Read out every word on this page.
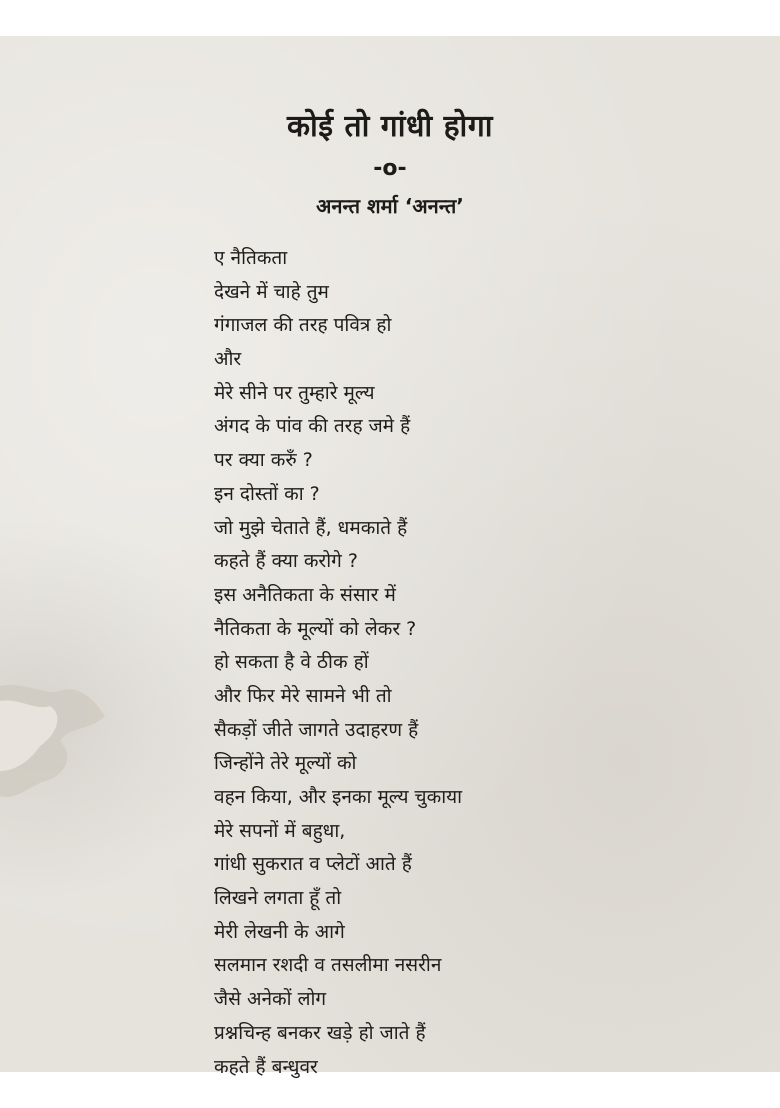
कोई तो गांधी होगा
-o-
अनन्त शर्मा ‘अनन्त’
ए नैतिकता
देखने में चाहे तुम
गंगाजल की तरह पवित्र हो
और
मेरे सीने पर तुम्हारे मूल्य
अंगद के पांव की तरह जमे हैं
पर क्या करुँ ?
इन दोस्तों का ?
जो मुझे चेताते हैं, धमकाते हैं
कहते हैं क्या करोगे ?
इस अनैतिकता के संसार में
नैतिकता के मूल्यों को लेकर ?
हो सकता है वे ठीक हों
और फिर मेरे सामने भी तो
सैकड़ों जीते जागते उदाहरण हैं
जिन्होंने तेरे मूल्यों को
वहन किया, और इनका मूल्य चुकाया
मेरे सपनों में बहुधा,
गांधी सुकरात व प्लेटों आते हैं
लिखने लगता हूँ तो
मेरी लेखनी के आगे
सलमान रशदी व तसलीमा नसरीन
जैसे अनेकों लोग
प्रश्नचिन्ह बनकर खड़े हो जाते हैं
कहते हैं बन्धुवर
